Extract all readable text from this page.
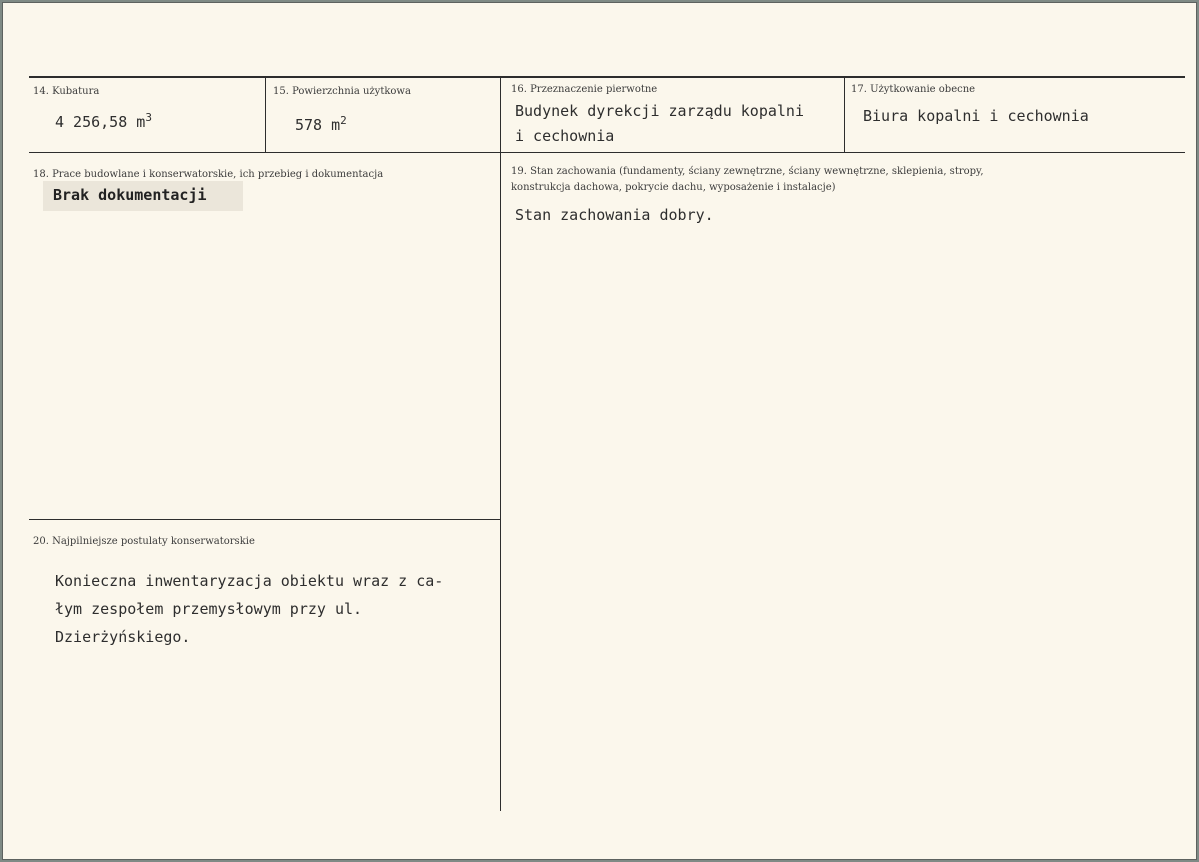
14. Kubatura
4 256,58 $m^3$
15. Powierzchnia użytkowa
578 $m^2$
16. Przeznaczenie pierwotne
Budynek dyrekcji zarządu kopalni
i cechownia
17. Użytkowanie obecne
Biura kopalni i cechownia
18. Prace budowlane i konserwatorskie, ich przebieg i dokumentacja
Brak dokumentacji
19. Stan zachowania (fundamenty, ściany zewnętrzne, ściany wewnętrzne, sklepienia, stropy,
konstrukcja dachowa, pokrycie dachu, wyposażenie i instalacje)
Stan zachowania dobry.
20. Najpilniejsze postulaty konserwatorskie
Konieczna inwentaryzacja obiektu wraz z ca-
łym zespołem przemysłowym przy ul.
Dzierżyńskiego.
